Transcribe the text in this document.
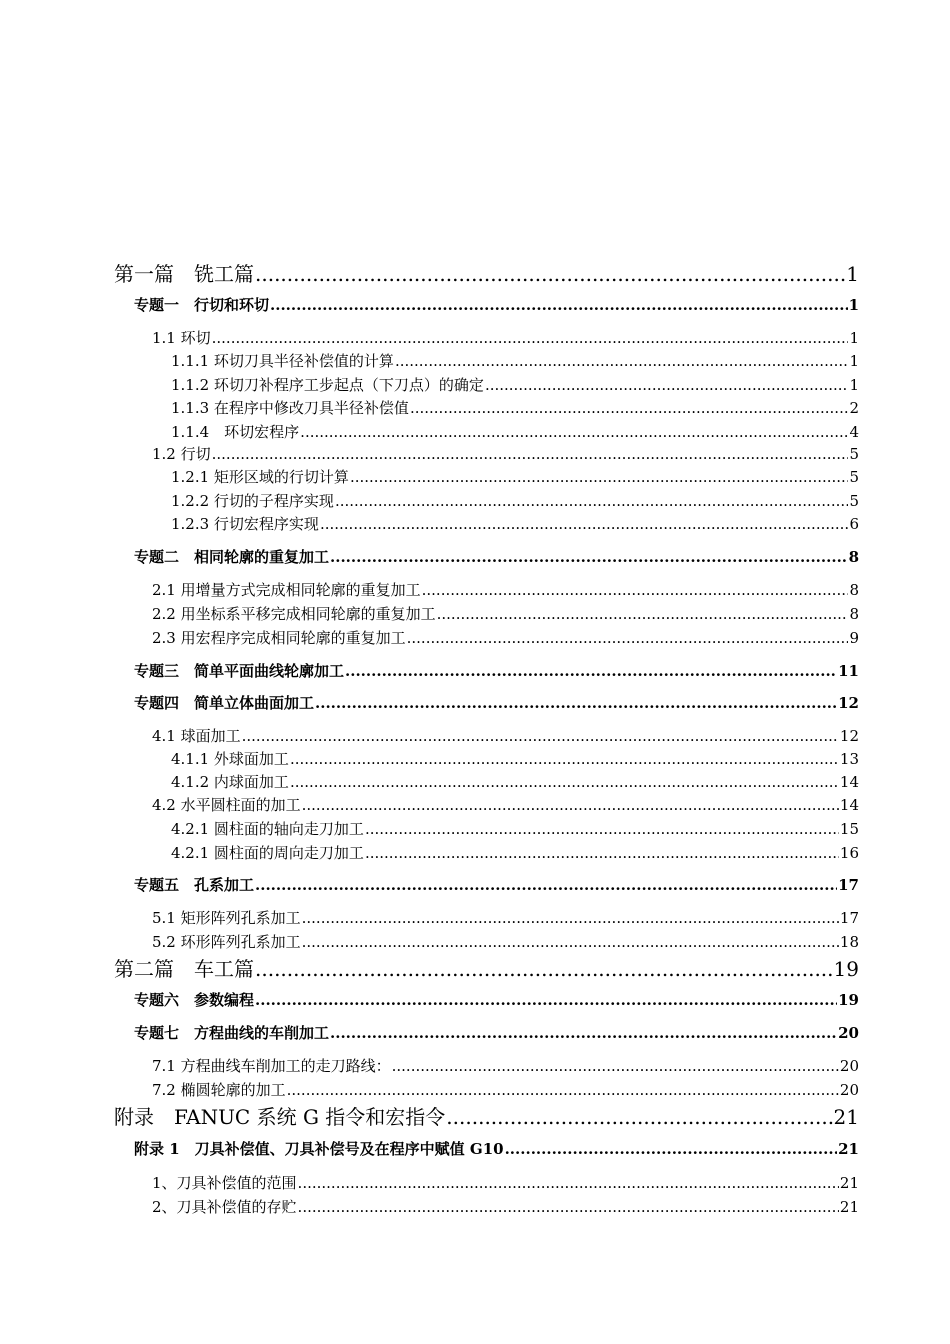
第一篇　铣工篇 .....	1
专题一　行切和环切 .....	1
1.1 环切 .....	1
1.1.1 环切刀具半径补偿值的计算 .....	1
1.1.2 环切刀补程序工步起点（下刀点）的确定 .....	1
1.1.3 在程序中修改刀具半径补偿值 .....	2
1.1.4　环切宏程序 .....	4
1.2 行切 .....	5
1.2.1 矩形区域的行切计算 .....	5
1.2.2 行切的子程序实现 .....	5
1.2.3 行切宏程序实现 .....	6
专题二　相同轮廓的重复加工 .....	8
2.1 用增量方式完成相同轮廓的重复加工 .....	8
2.2 用坐标系平移完成相同轮廓的重复加工 .....	8
2.3 用宏程序完成相同轮廓的重复加工 .....	9
专题三　简单平面曲线轮廓加工 .....	11
专题四　简单立体曲面加工 .....	12
4.1 球面加工 .....	12
4.1.1 外球面加工 .....	13
4.1.2 内球面加工 .....	14
4.2 水平圆柱面的加工 .....	14
4.2.1 圆柱面的轴向走刀加工 .....	15
4.2.1 圆柱面的周向走刀加工 .....	16
专题五　孔系加工 .....	17
5.1 矩形阵列孔系加工 .....	17
5.2 环形阵列孔系加工 .....	18
第二篇　车工篇 .....	19
专题六　参数编程 .....	19
专题七　方程曲线的车削加工 .....	20
7.1 方程曲线车削加工的走刀路线： .....	20
7.2 椭圆轮廓的加工 .....	20
附录　FANUC 系统 G 指令和宏指令 .....	21
附录 1　刀具补偿值、刀具补偿号及在程序中赋值 G10 .....	21
1、刀具补偿值的范围 .....	21
2、刀具补偿值的存贮 .....	21
